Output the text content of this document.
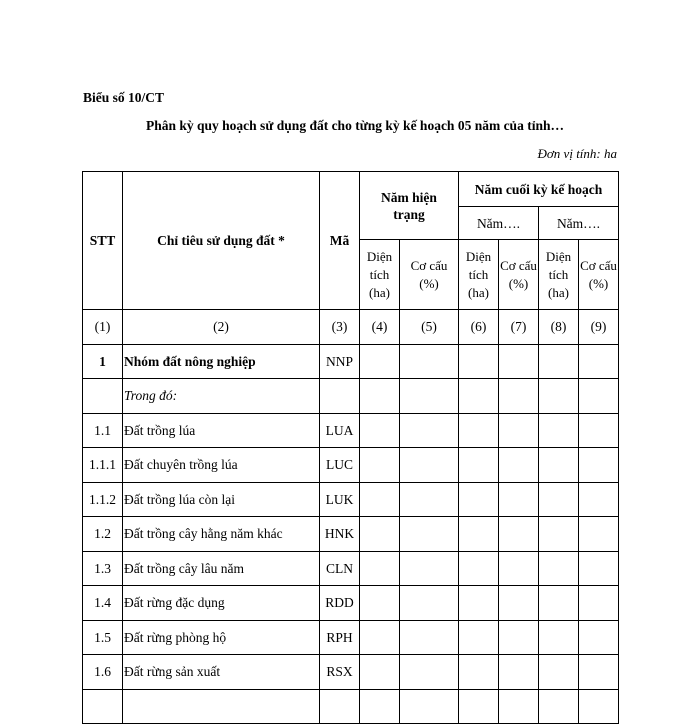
Biểu số 10/CT
Phân kỳ quy hoạch sử dụng đất cho từng kỳ kế hoạch 05 năm của tỉnh…
Đơn vị tính: ha
STT	Chỉ tiêu sử dụng đất *	Mã	Năm hiện trạng		Năm cuối kỳ kế hoạch			
					Năm….		Năm….	
			Diện tích (ha)	Cơ cấu (%)	Diện tích (ha)	Cơ cấu (%)	Diện tích (ha)	Cơ cấu (%)
(1)	(2)	(3)	(4)	(5)	(6)	(7)	(8)	(9)
1	Nhóm đất nông nghiệp	NNP						
	Trong đó:							
1.1	Đất trồng lúa	LUA						
1.1.1	Đất chuyên trồng lúa	LUC						
1.1.2	Đất trồng lúa còn lại	LUK						
1.2	Đất trồng cây hằng năm khác	HNK						
1.3	Đất trồng cây lâu năm	CLN						
1.4	Đất rừng đặc dụng	RDD						
1.5	Đất rừng phòng hộ	RPH						
1.6	Đất rừng sản xuất	RSX						
